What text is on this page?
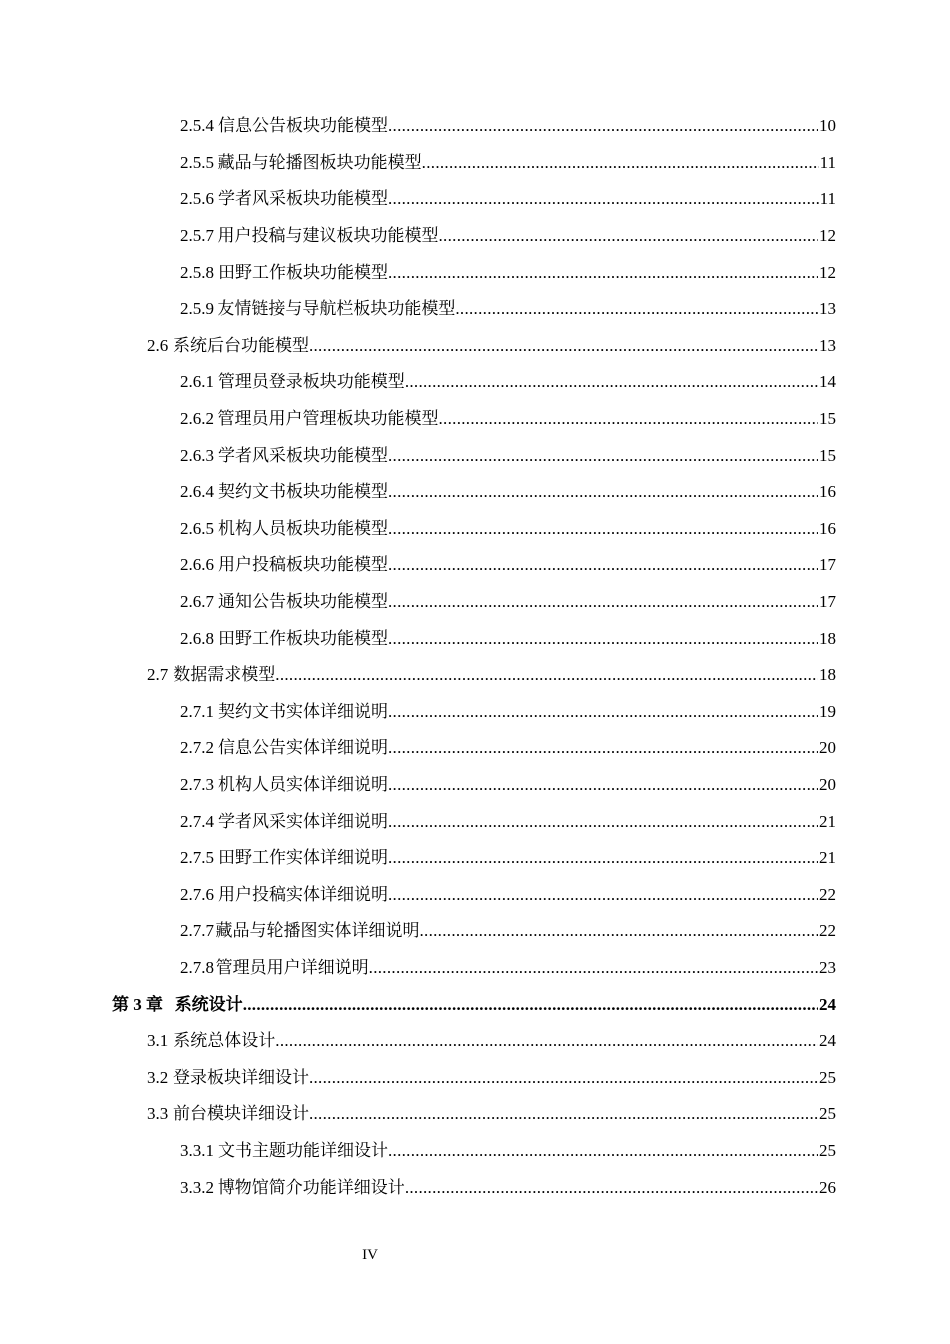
2.5.4 信息公告板块功能模型 .....	10
2.5.5 藏品与轮播图板块功能模型 .....	11
2.5.6 学者风采板块功能模型 .....	11
2.5.7 用户投稿与建议板块功能模型 .....	12
2.5.8 田野工作板块功能模型 .....	12
2.5.9 友情链接与导航栏板块功能模型 .....	13
2.6 系统后台功能模型 .....	13
2.6.1 管理员登录板块功能模型 .....	14
2.6.2 管理员用户管理板块功能模型 .....	15
2.6.3 学者风采板块功能模型 .....	15
2.6.4 契约文书板块功能模型 .....	16
2.6.5 机构人员板块功能模型 .....	16
2.6.6 用户投稿板块功能模型 .....	17
2.6.7 通知公告板块功能模型 .....	17
2.6.8 田野工作板块功能模型 .....	18
2.7 数据需求模型 .....	18
2.7.1 契约文书实体详细说明 .....	19
2.7.2 信息公告实体详细说明 .....	20
2.7.3 机构人员实体详细说明 .....	20
2.7.4 学者风采实体详细说明 .....	21
2.7.5 田野工作实体详细说明 .....	21
2.7.6 用户投稿实体详细说明 .....	22
2.7.7 藏品与轮播图实体详细说明 .....	22
2.7.8 管理员用户详细说明 .....	23
第 3 章 系统设计 .....	24
3.1 系统总体设计 .....	24
3.2 登录板块详细设计 .....	25
3.3 前台模块详细设计 .....	25
3.3.1 文书主题功能详细设计 .....	25
3.3.2 博物馆简介功能详细设计 .....	26
IV
